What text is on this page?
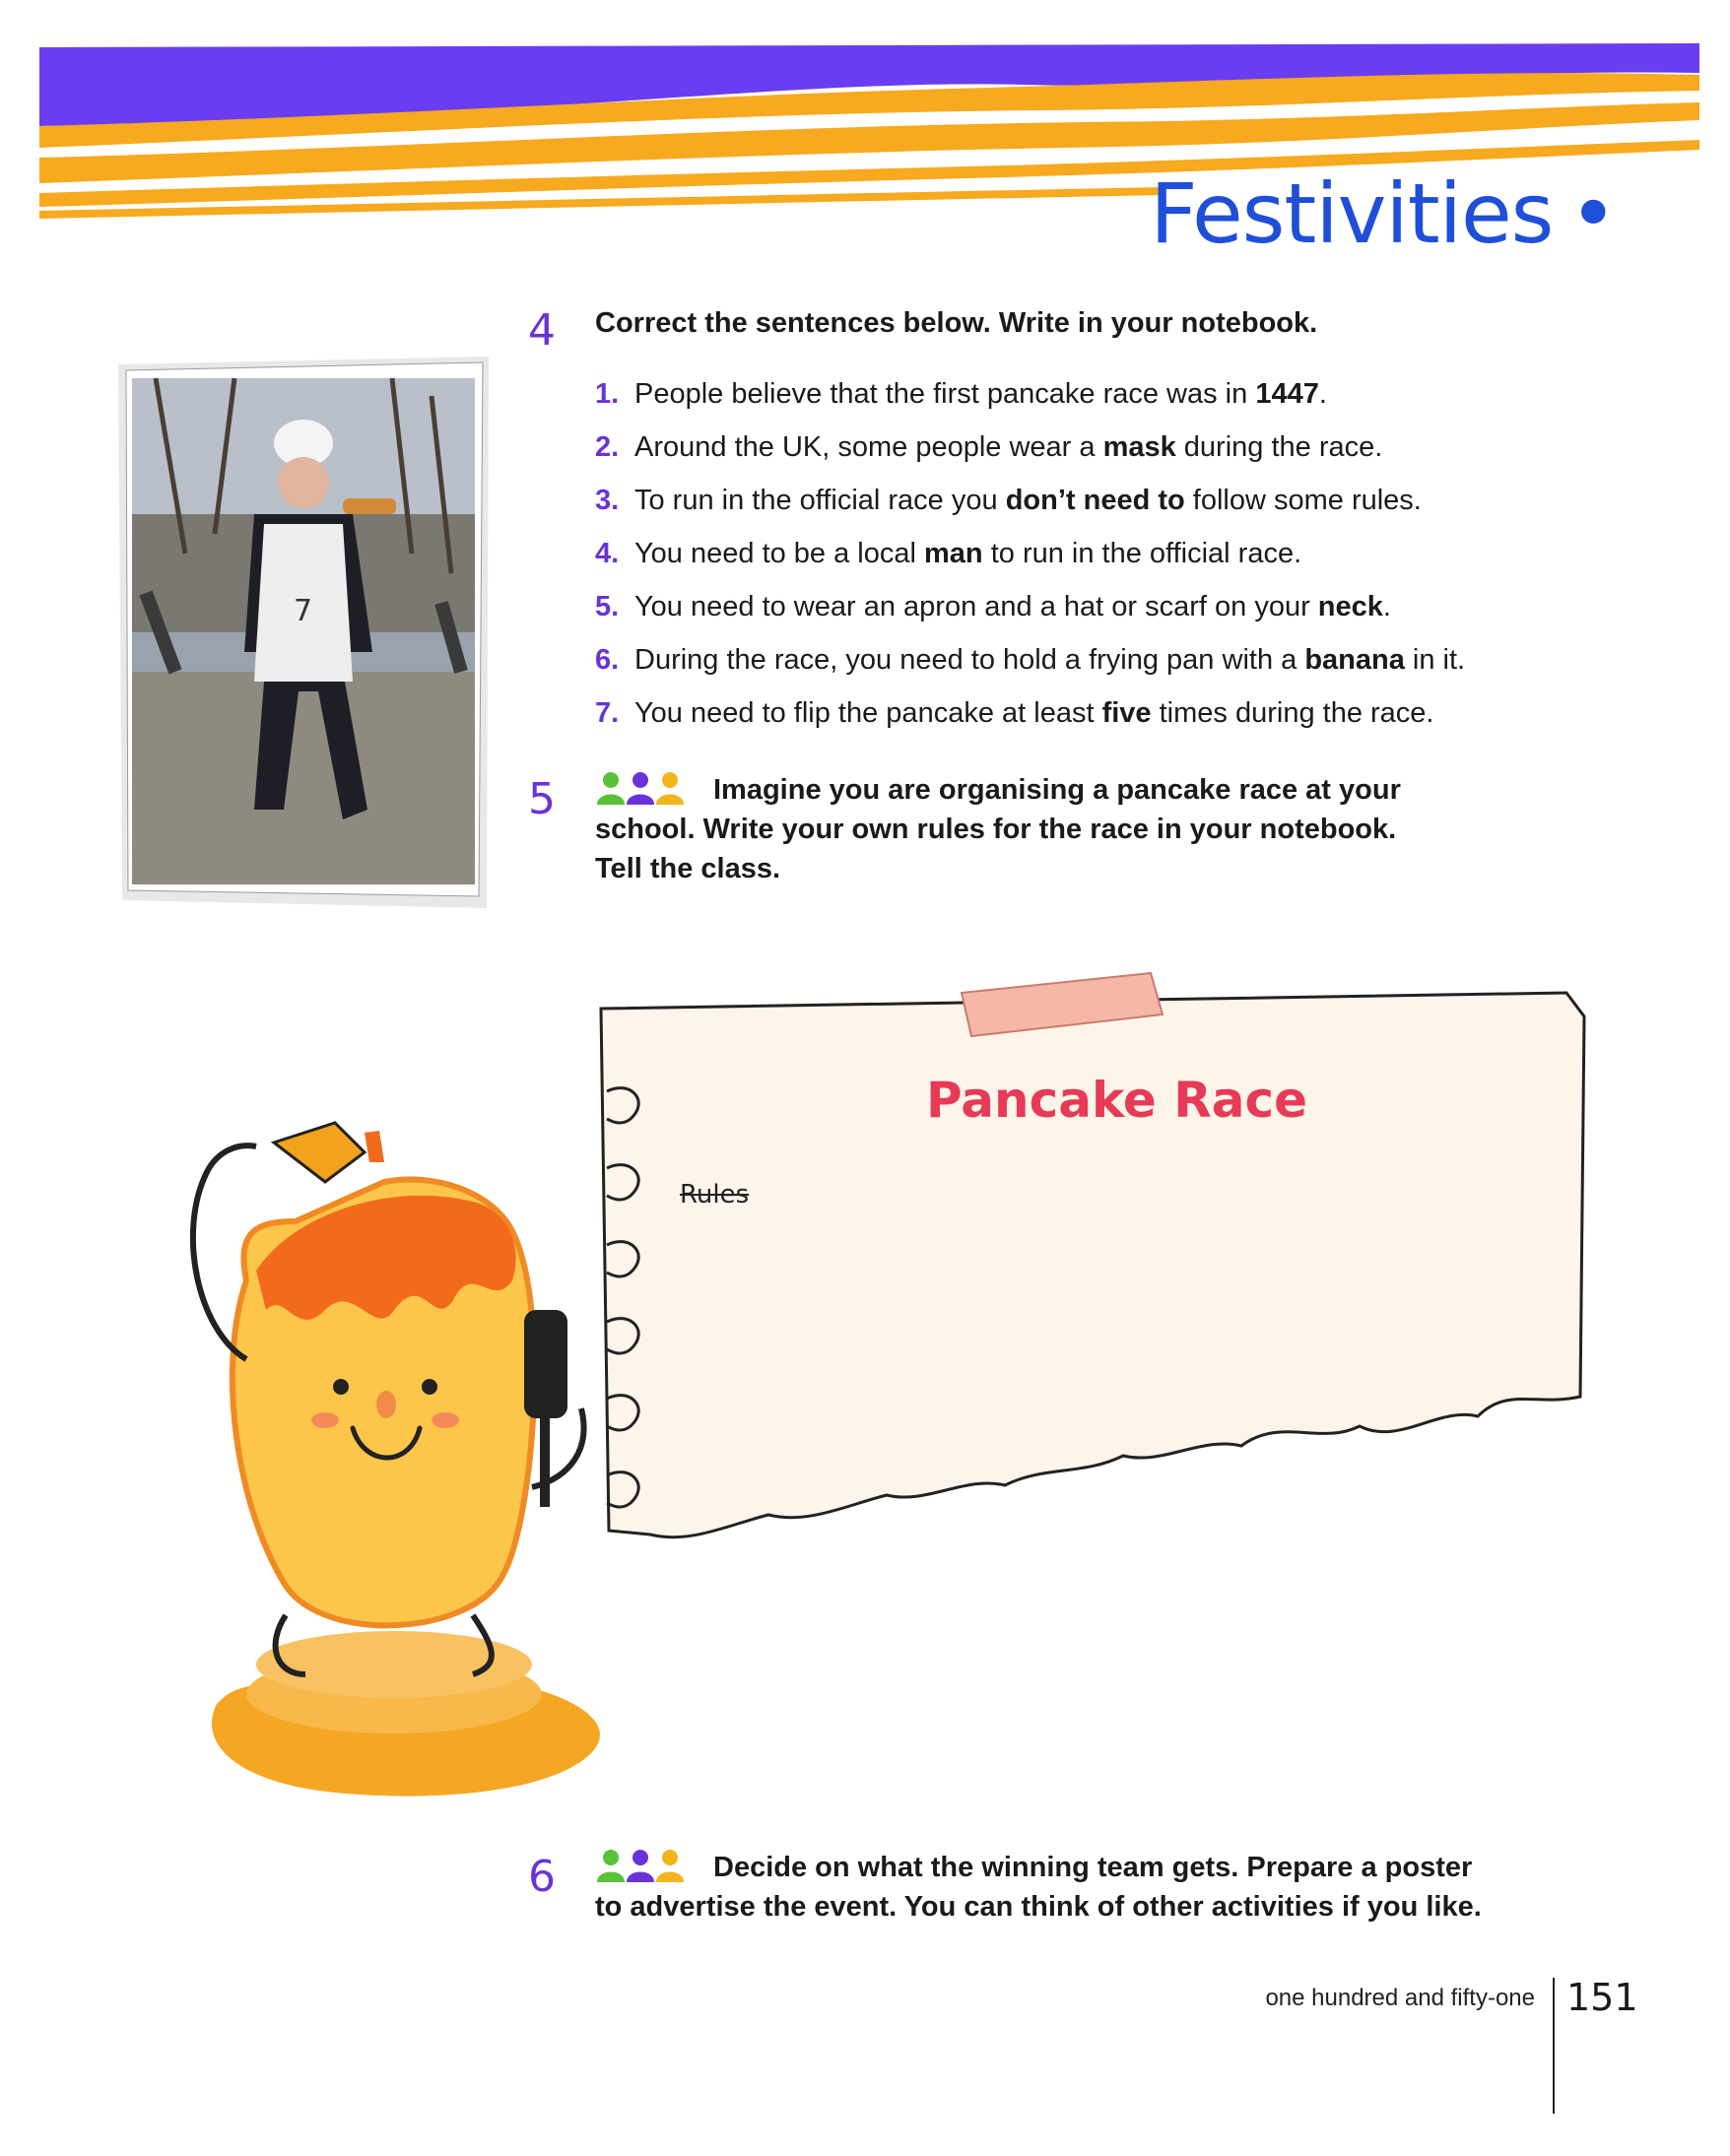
Festivities •
7
4 Correct the sentences below. Write in your notebook.
1. People believe that the first pancake race was in 1447.
2. Around the UK, some people wear a mask during the race.
3. To run in the official race you don’t need to follow some rules.
4. You need to be a local man to run in the official race.
5. You need to wear an apron and a hat or scarf on your neck.
6. During the race, you need to hold a frying pan with a banana in it.
7. You need to flip the pancake at least five times during the race.
5	Imagine you are organising a pancake race at your
school. Write your own rules for the race in your notebook.
Tell the class.
Pancake Race
Rules
6	Decide on what the winning team gets. Prepare a poster
to advertise the event. You can think of other activities if you like.
one hundred and fifty-one 151
